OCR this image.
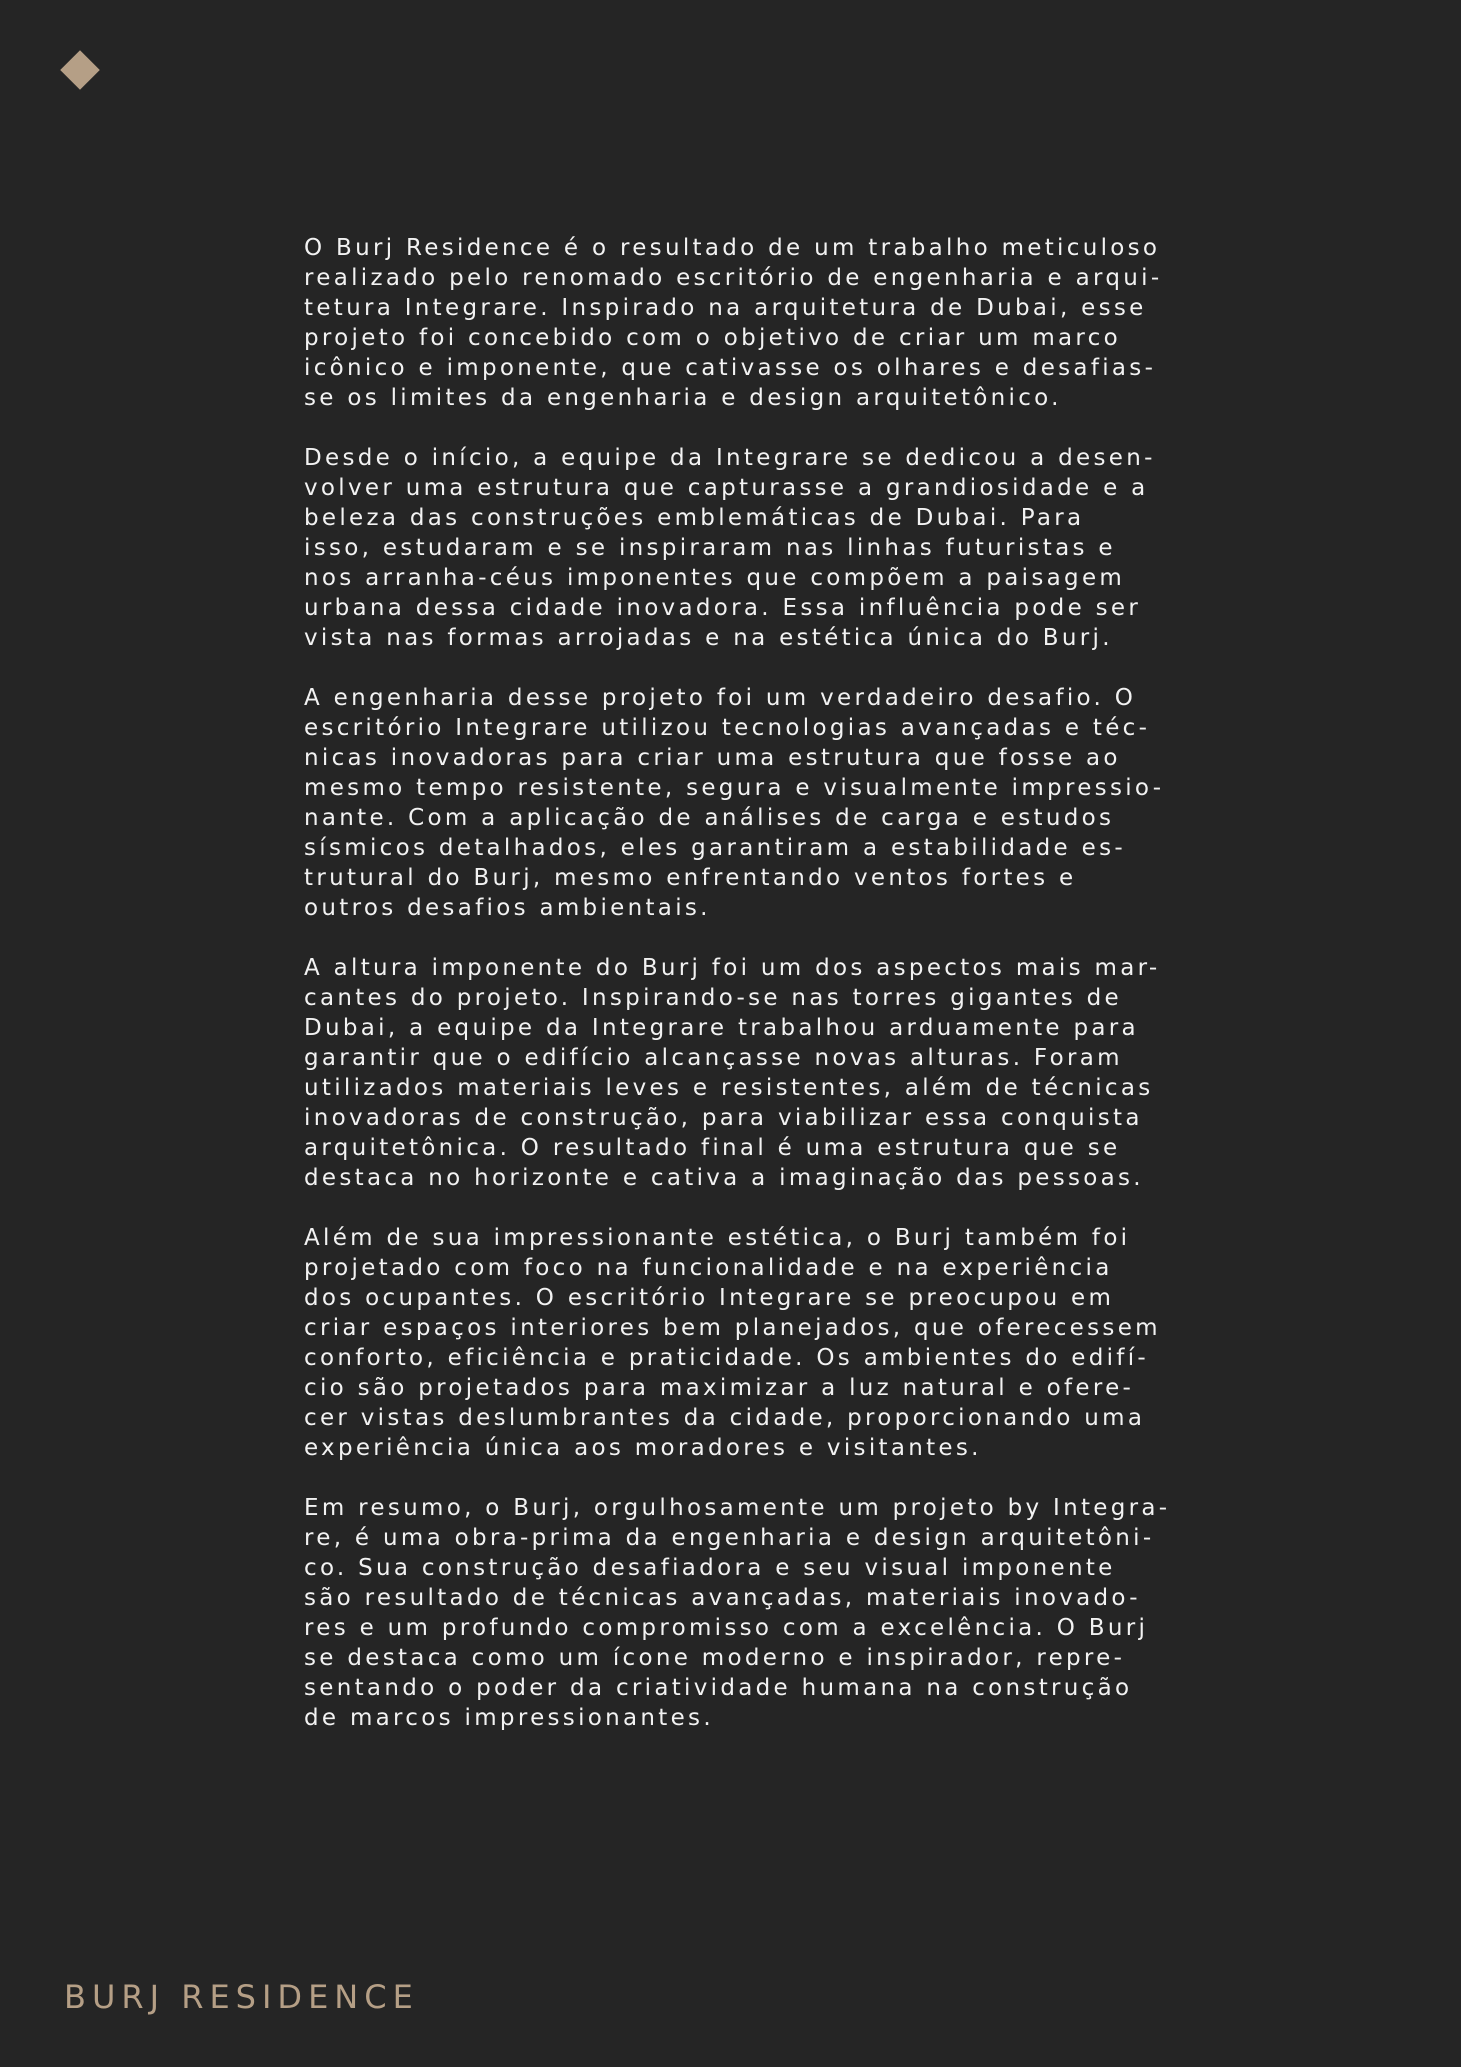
O Burj Residence é o resultado de um trabalho meticuloso
realizado pelo renomado escritório de engenharia e arqui-
tetura Integrare. Inspirado na arquitetura de Dubai, esse
projeto foi concebido com o objetivo de criar um marco
icônico e imponente, que cativasse os olhares e desafias-
se os limites da engenharia e design arquitetônico.

Desde o início, a equipe da Integrare se dedicou a desen-
volver uma estrutura que capturasse a grandiosidade e a
beleza das construções emblemáticas de Dubai. Para
isso, estudaram e se inspiraram nas linhas futuristas e
nos arranha-céus imponentes que compõem a paisagem
urbana dessa cidade inovadora. Essa influência pode ser
vista nas formas arrojadas e na estética única do Burj.

A engenharia desse projeto foi um verdadeiro desafio. O
escritório Integrare utilizou tecnologias avançadas e téc-
nicas inovadoras para criar uma estrutura que fosse ao
mesmo tempo resistente, segura e visualmente impressio-
nante. Com a aplicação de análises de carga e estudos
sísmicos detalhados, eles garantiram a estabilidade es-
trutural do Burj, mesmo enfrentando ventos fortes e
outros desafios ambientais.

A altura imponente do Burj foi um dos aspectos mais mar-
cantes do projeto. Inspirando-se nas torres gigantes de
Dubai, a equipe da Integrare trabalhou arduamente para
garantir que o edifício alcançasse novas alturas. Foram
utilizados materiais leves e resistentes, além de técnicas
inovadoras de construção, para viabilizar essa conquista
arquitetônica. O resultado final é uma estrutura que se
destaca no horizonte e cativa a imaginação das pessoas.

Além de sua impressionante estética, o Burj também foi
projetado com foco na funcionalidade e na experiência
dos ocupantes. O escritório Integrare se preocupou em
criar espaços interiores bem planejados, que oferecessem
conforto, eficiência e praticidade. Os ambientes do edifí-
cio são projetados para maximizar a luz natural e ofere-
cer vistas deslumbrantes da cidade, proporcionando uma
experiência única aos moradores e visitantes.

Em resumo, o Burj, orgulhosamente um projeto by Integra-
re, é uma obra-prima da engenharia e design arquitetôni-
co. Sua construção desafiadora e seu visual imponente
são resultado de técnicas avançadas, materiais inovado-
res e um profundo compromisso com a excelência. O Burj
se destaca como um ícone moderno e inspirador, repre-
sentando o poder da criatividade humana na construção
de marcos impressionantes.

BURJ RESIDENCE
